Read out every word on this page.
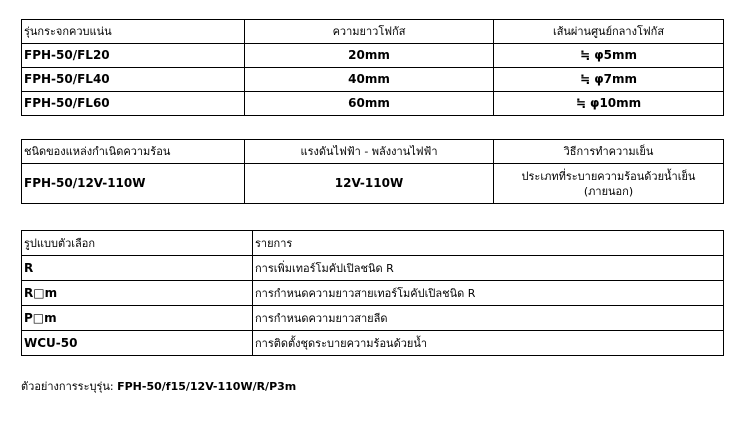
รุ่นกระจกควบแน่น	ความยาวโฟกัส	เส้นผ่านศูนย์กลางโฟกัส
FPH-50/FL20	20mm	≒ φ5mm
FPH-50/FL40	40mm	≒ φ7mm
FPH-50/FL60	60mm	≒ φ10mm
ชนิดของแหล่งกำเนิดความร้อน	แรงดันไฟฟ้า - พลังงานไฟฟ้า	วิธีการทำความเย็น
FPH-50/12V-110W	12V-110W	ประเภทที่ระบายความร้อนด้วยน้ำเย็น (ภายนอก)
รูปแบบตัวเลือก	รายการ
R	การเพิ่มเทอร์โมคัปเปิลชนิด R
R□m	การกำหนดความยาวสายเทอร์โมคัปเปิลชนิด R
P□m	การกำหนดความยาวสายลีด
WCU-50	การติดตั้งชุดระบายความร้อนด้วยน้ำ
ตัวอย่างการระบุรุ่น: FPH-50/f15/12V-110W/R/P3m
